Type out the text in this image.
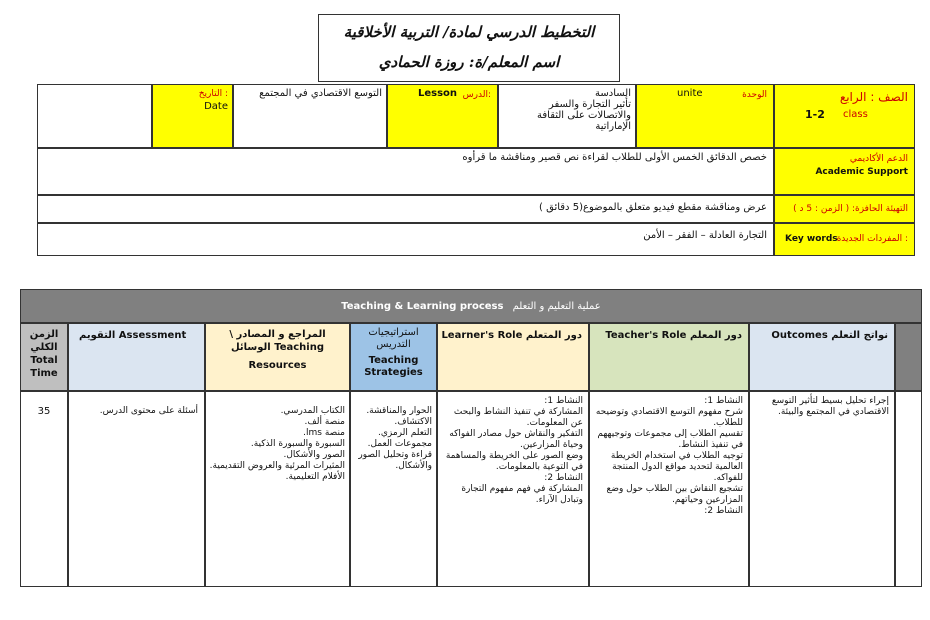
التخطيط الدرسي لمادة/ التربية الأخلاقية
اسم المعلم/ة: روزة الحمادي
الصف : الرابع
1-2 class
الوحدة
unite
السادسة
تأثير التجارة والسفر والاتصالات على الثقافة الإماراتية
الدرس:
Lesson
التوسع الاقتصادي في المجتمع
التاريخ :
Date
الدعم الأكاديمي
Academic Support
خصص الدقائق الخمس الأولى للطلاب لقراءة نص قصير ومناقشة ما قرأوه
التهيئة الحافزة: ( الزمن : 5 د )
عرض ومناقشة مقطع فيديو متعلق بالموضوع(5 دقائق )
المفردات الجديدة :
Key words
التجارة العادلة – الفقر – الأمن
Teaching & Learning process عملية التعليم و التعلم
نواتج التعلم Outcomes
دور المعلم Teacher's Role
دور المتعلم Learner's Role
استراتيجيات التدريس
Teaching Strategies
المراجع و المصادر \ الوسائل Teaching
Resources
التقويم Assessment
الزمن الكلي
Total Time
إجراء تحليل بسيط لتأثير التوسع الاقتصادي في المجتمع والبيئة.
النشاط 1:
شرح مفهوم التوسع الاقتصادي وتوضيحه للطلاب.
تقسيم الطلاب إلى مجموعات وتوجيههم في تنفيذ النشاط.
توجيه الطلاب في استخدام الخريطة العالمية لتحديد مواقع الدول المنتجة للفواكه.
تشجيع النقاش بين الطلاب حول وضع المزارعين وحياتهم.
النشاط 2:
النشاط 1:
المشاركة في تنفيذ النشاط والبحث عن المعلومات.
التفكير والنقاش حول مصادر الفواكه وحياة المزارعين.
وضع الصور على الخريطة والمساهمة في التوعية بالمعلومات.
النشاط 2:
المشاركة في فهم مفهوم التجارة وتبادل الآراء.
الحوار والمناقشة.
الاكتشاف.
التعلم الرمزي.
مجموعات العمل.
قراءة وتحليل الصور والأشكال.
الكتاب المدرسي.
منصة ألف.
منصة lms.
السبورة والسبورة الذكية.
الصور والأشكال.
المثيرات المرئية والعروض التقديمية.
الأفلام التعليمية.
أسئلة على محتوى الدرس.
35
